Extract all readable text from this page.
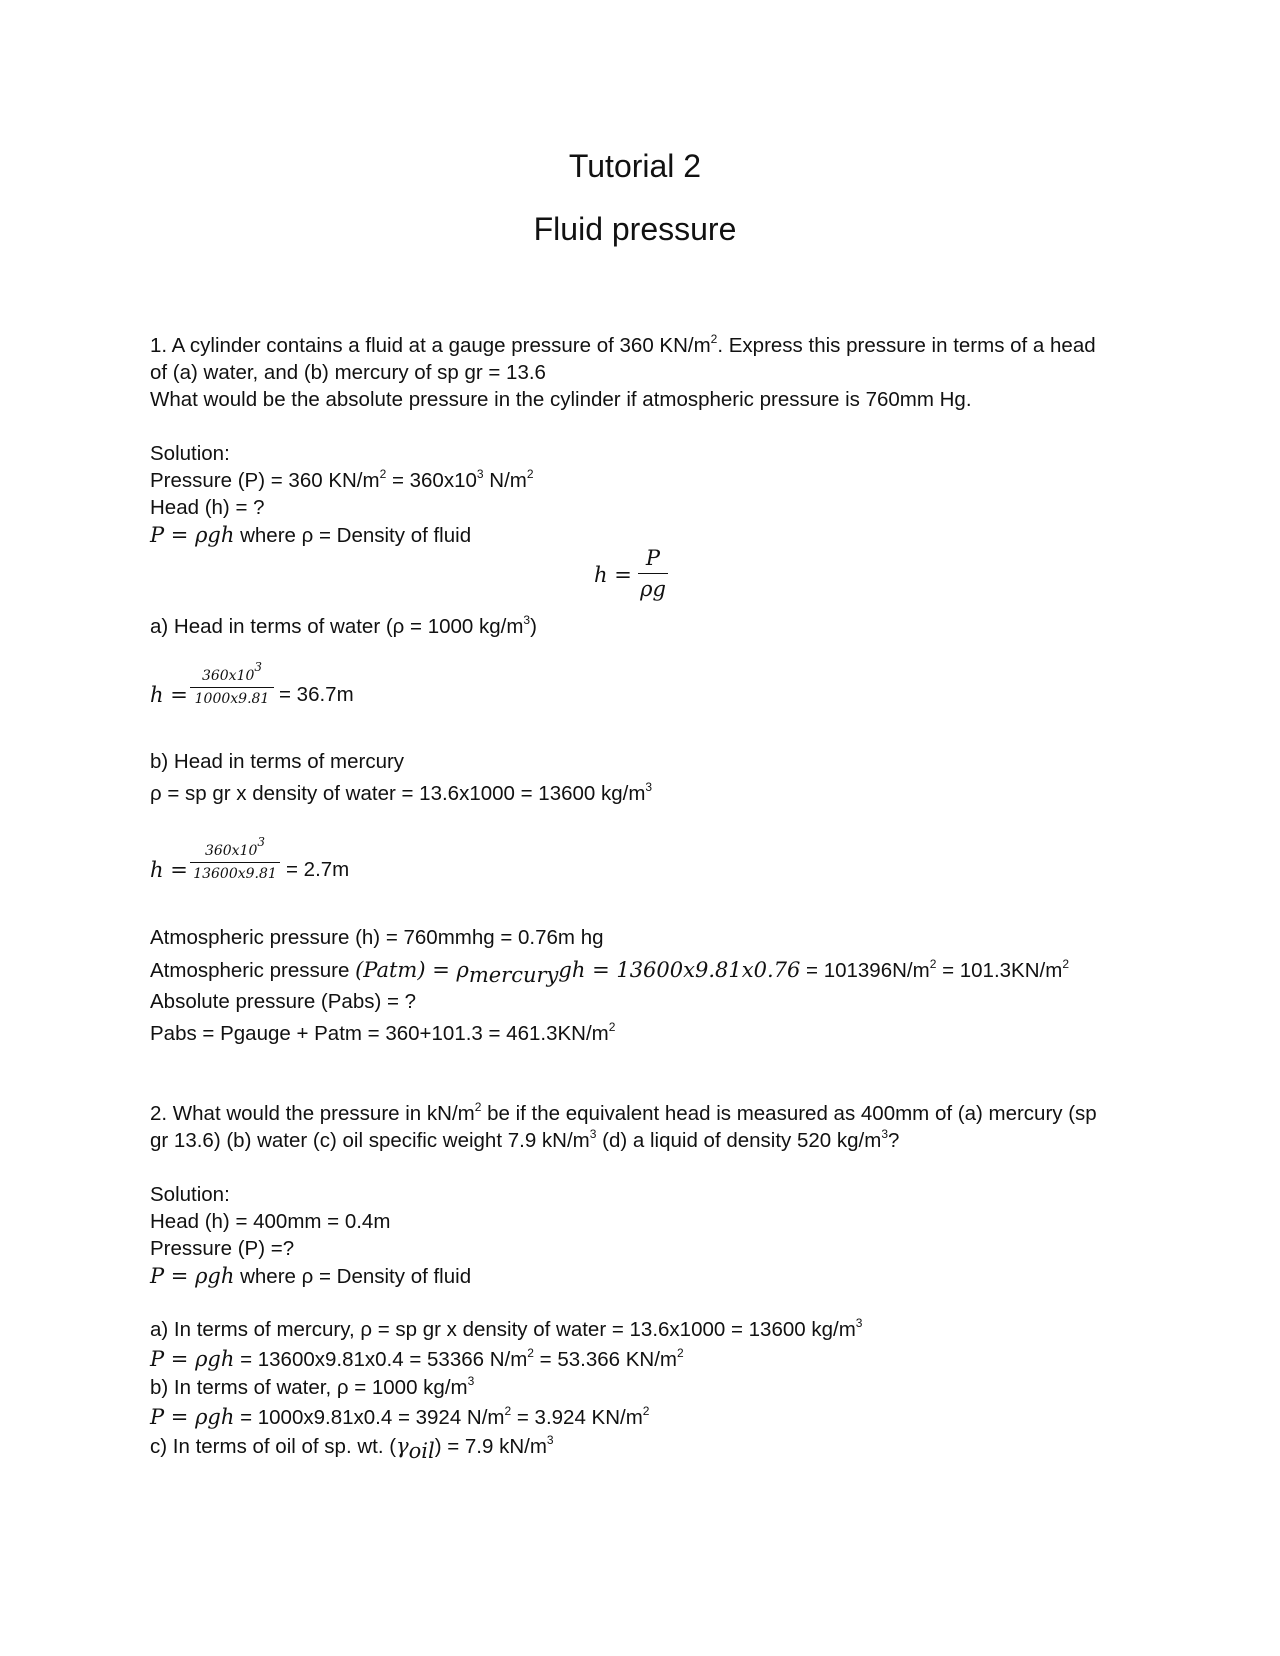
Tutorial 2
Fluid pressure
1. A cylinder contains a fluid at a gauge pressure of 360 $KN/m^2$. Express this pressure in terms of a head
of (a) water, and (b) mercury of sp gr = 13.6
What would be the absolute pressure in the cylinder if atmospheric pressure is 760mm Hg.
Solution:
Pressure (P) = 360 $KN/m^2 = 360x10^3$ $N/m^2$
Head (h) = ?
P = ρgh where ρ = Density of fluid
h =
P
ρg
a) Head in terms of water (ρ = 1000 $kg/m^3$)
h =
$360x10^3$
1000x9.81 = 36.7m
b) Head in terms of mercury
ρ = sp gr x density of water = 13.6x1000 = 13600 $kg/m^3$
h =
$360x10^3$
13600x9.81 = 2.7m
Atmospheric pressure (h) = 760mmhg = 0.76m hg
Atmospheric pressure (Patm) = $\rho_{mercury}gh = 13600x9.81x0.76 = 101396N/m^2 = 101.3KN/m^2$
Absolute pressure (Pabs) = ?
Pabs = Pgauge + Patm = $360+101.3 = 461.3KN/m^2$
2. What would the pressure in $kN/m^2$ be if the equivalent head is measured as 400mm of (a) mercury (sp
gr 13.6) (b) water (c) oil specific weight 7.9 $kN/m^3$ (d) a liquid of density 520 $kg/m^3$?
Solution:
Head (h) = 400mm = 0.4m
Pressure (P) =?
P = ρgh where ρ = Density of fluid
a) In terms of mercury, ρ = sp gr x density of water = 13.6x1000 = 13600 $kg/m^3$
P = ρgh = 13600x9.81x0.4 = 53366 $N/m^2 = 53.366$ $KN/m^2$
b) In terms of water, ρ = 1000 $kg/m^3$
P = ρgh = 1000x9.81x0.4 = 3924 $N/m^2 = 3.924$ $KN/m^2$
c) In terms of oil of sp. wt. $(\gamma_{oil}) = 7.9$ $kN/m^3$
